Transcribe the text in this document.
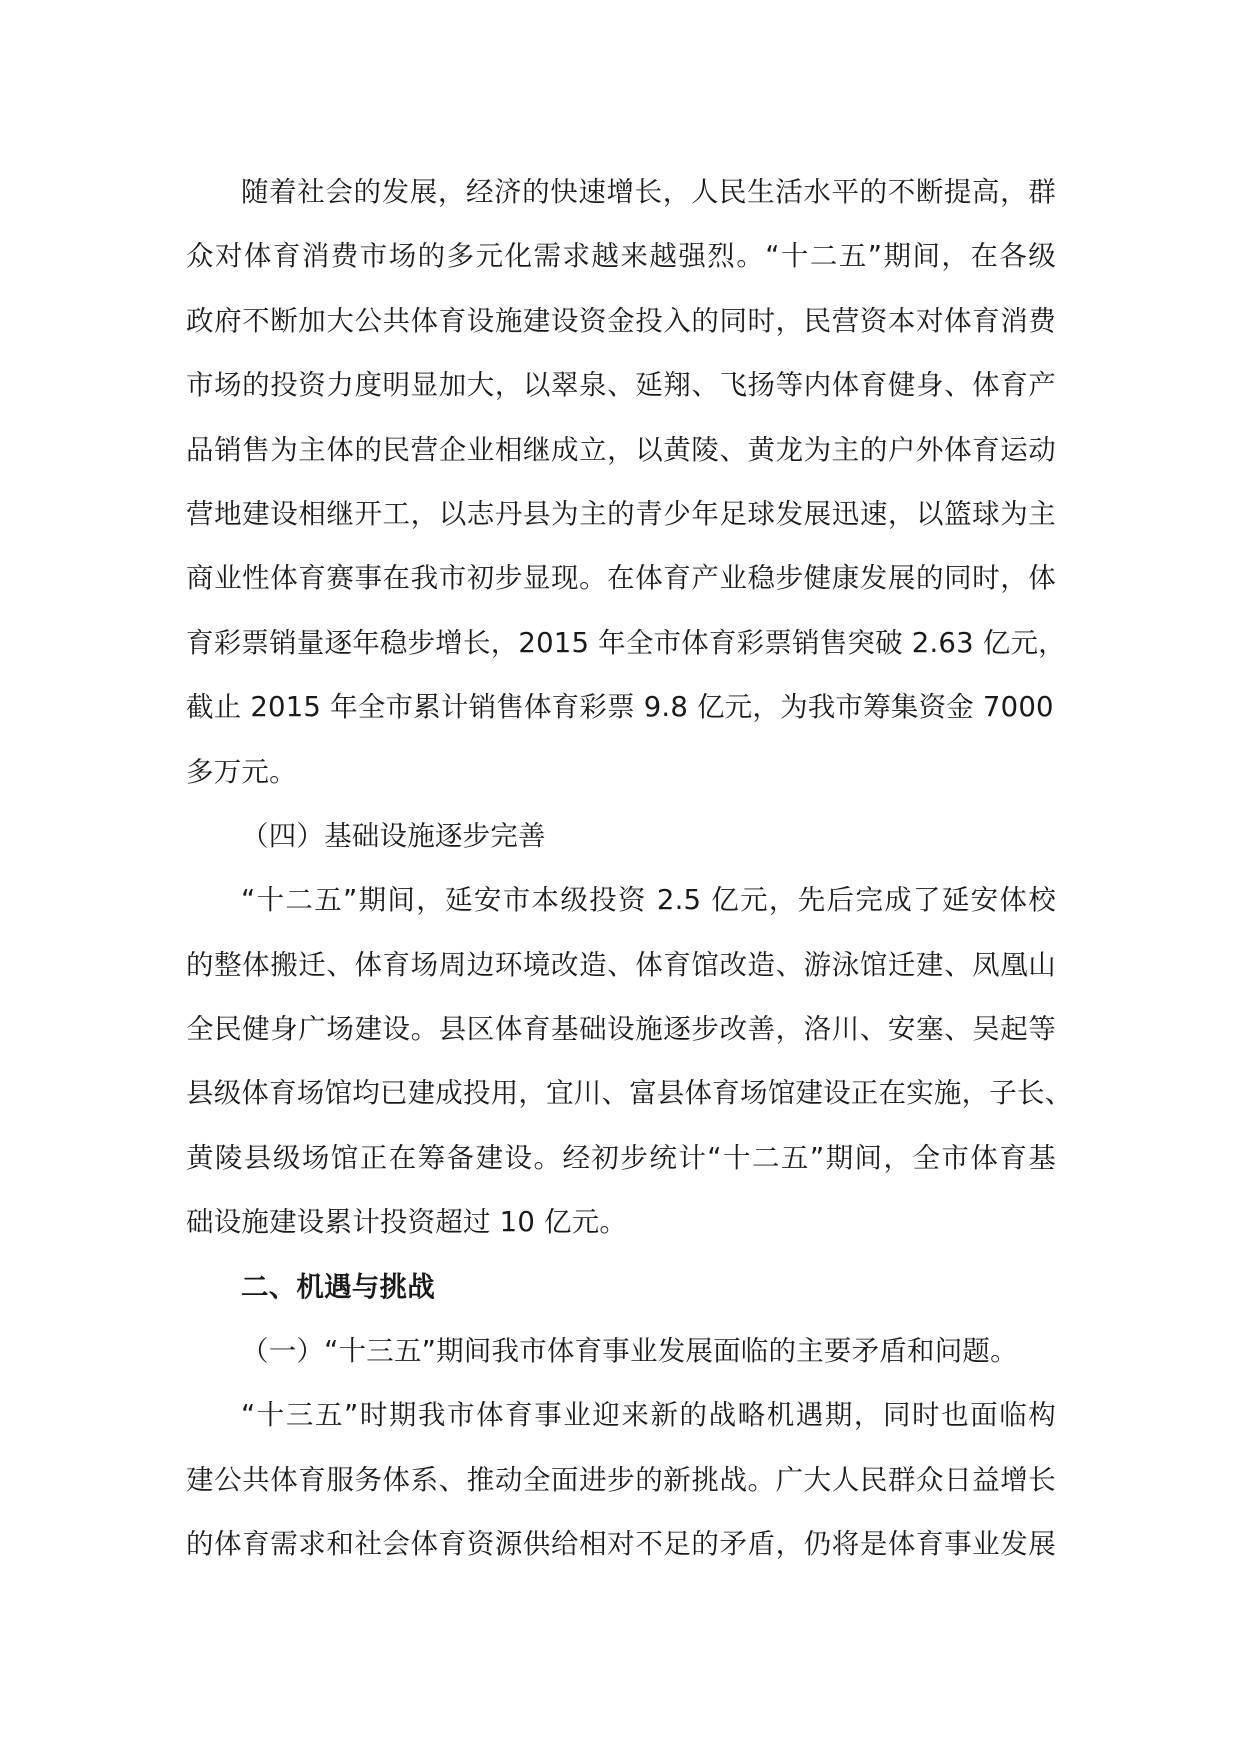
随着社会的发展，经济的快速增长，人民生活水平的不断提高，群
众对体育消费市场的多元化需求越来越强烈。“十二五”期间，在各级
政府不断加大公共体育设施建设资金投入的同时，民营资本对体育消费
市场的投资力度明显加大，以翠泉、延翔、飞扬等内体育健身、体育产
品销售为主体的民营企业相继成立，以黄陵、黄龙为主的户外体育运动
营地建设相继开工，以志丹县为主的青少年足球发展迅速，以篮球为主
商业性体育赛事在我市初步显现。在体育产业稳步健康发展的同时，体
育彩票销量逐年稳步增长，2015 年全市体育彩票销售突破 2.63 亿元，
截止 2015 年全市累计销售体育彩票 9.8 亿元，为我市筹集资金 7000
多万元。
（四）基础设施逐步完善
“十二五”期间，延安市本级投资 2.5 亿元，先后完成了延安体校
的整体搬迁、体育场周边环境改造、体育馆改造、游泳馆迁建、凤凰山
全民健身广场建设。县区体育基础设施逐步改善，洛川、安塞、吴起等
县级体育场馆均已建成投用，宜川、富县体育场馆建设正在实施，子长、
黄陵县级场馆正在筹备建设。经初步统计“十二五”期间，全市体育基
础设施建设累计投资超过 10 亿元。
二、机遇与挑战
（一）“十三五”期间我市体育事业发展面临的主要矛盾和问题。
“十三五”时期我市体育事业迎来新的战略机遇期，同时也面临构
建公共体育服务体系、推动全面进步的新挑战。广大人民群众日益增长
的体育需求和社会体育资源供给相对不足的矛盾，仍将是体育事业发展
